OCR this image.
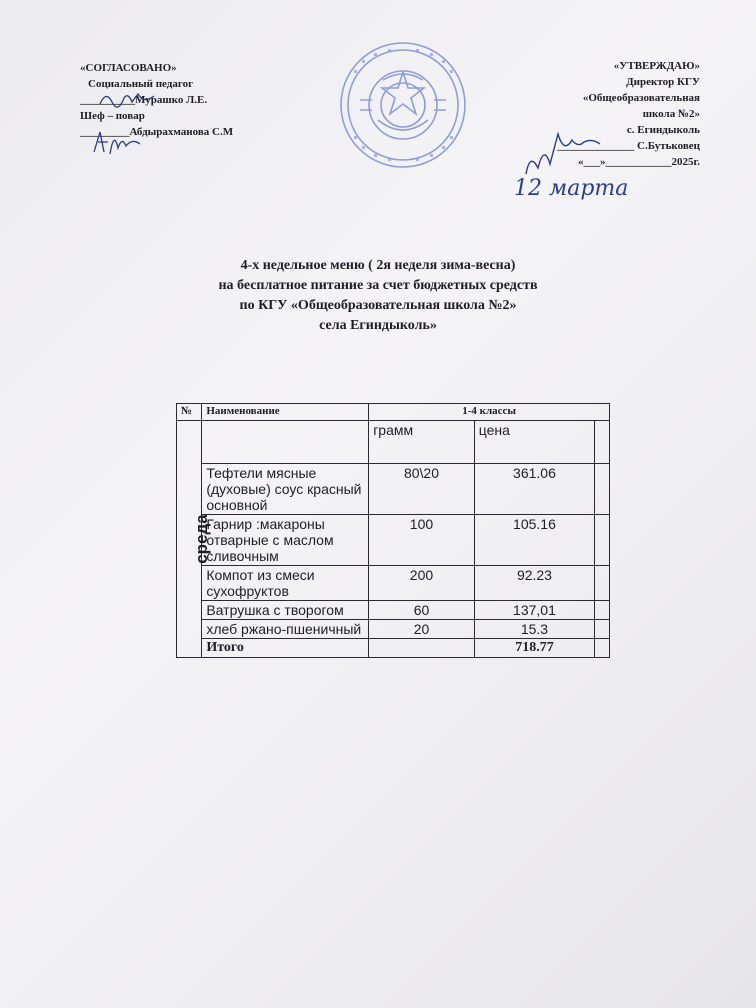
«СОГЛАСОВАНО»
Социальный педагог
__________Мурашко Л.Е.
Шеф – повар
_________Абдырахманова С.М
«УТВЕРЖДАЮ»
Директор КГУ
«Общеобразовательная
школа №2»
с. Егиндыколь
______________ С.Бутьковец
«___»____________2025г.
12 марта
4-х недельное меню ( 2я неделя зима-весна)
на бесплатное питание за счет бюджетных средств
по КГУ «Общеобразовательная школа №2»
села Егиндыколь»
№	Наименование	1-4 классы		
среда		грамм	цена	
	Тефтели мясные (духовые) соус красный основной	80\20	361.06	
	Гарнир :макароны отварные с маслом сливочным	100	105.16	
	Компот из смеси сухофруктов	200	92.23	
	Ватрушка с творогом	60	137,01	
	хлеб ржано-пшеничный	20	15.3	
	Итого		718.77	
